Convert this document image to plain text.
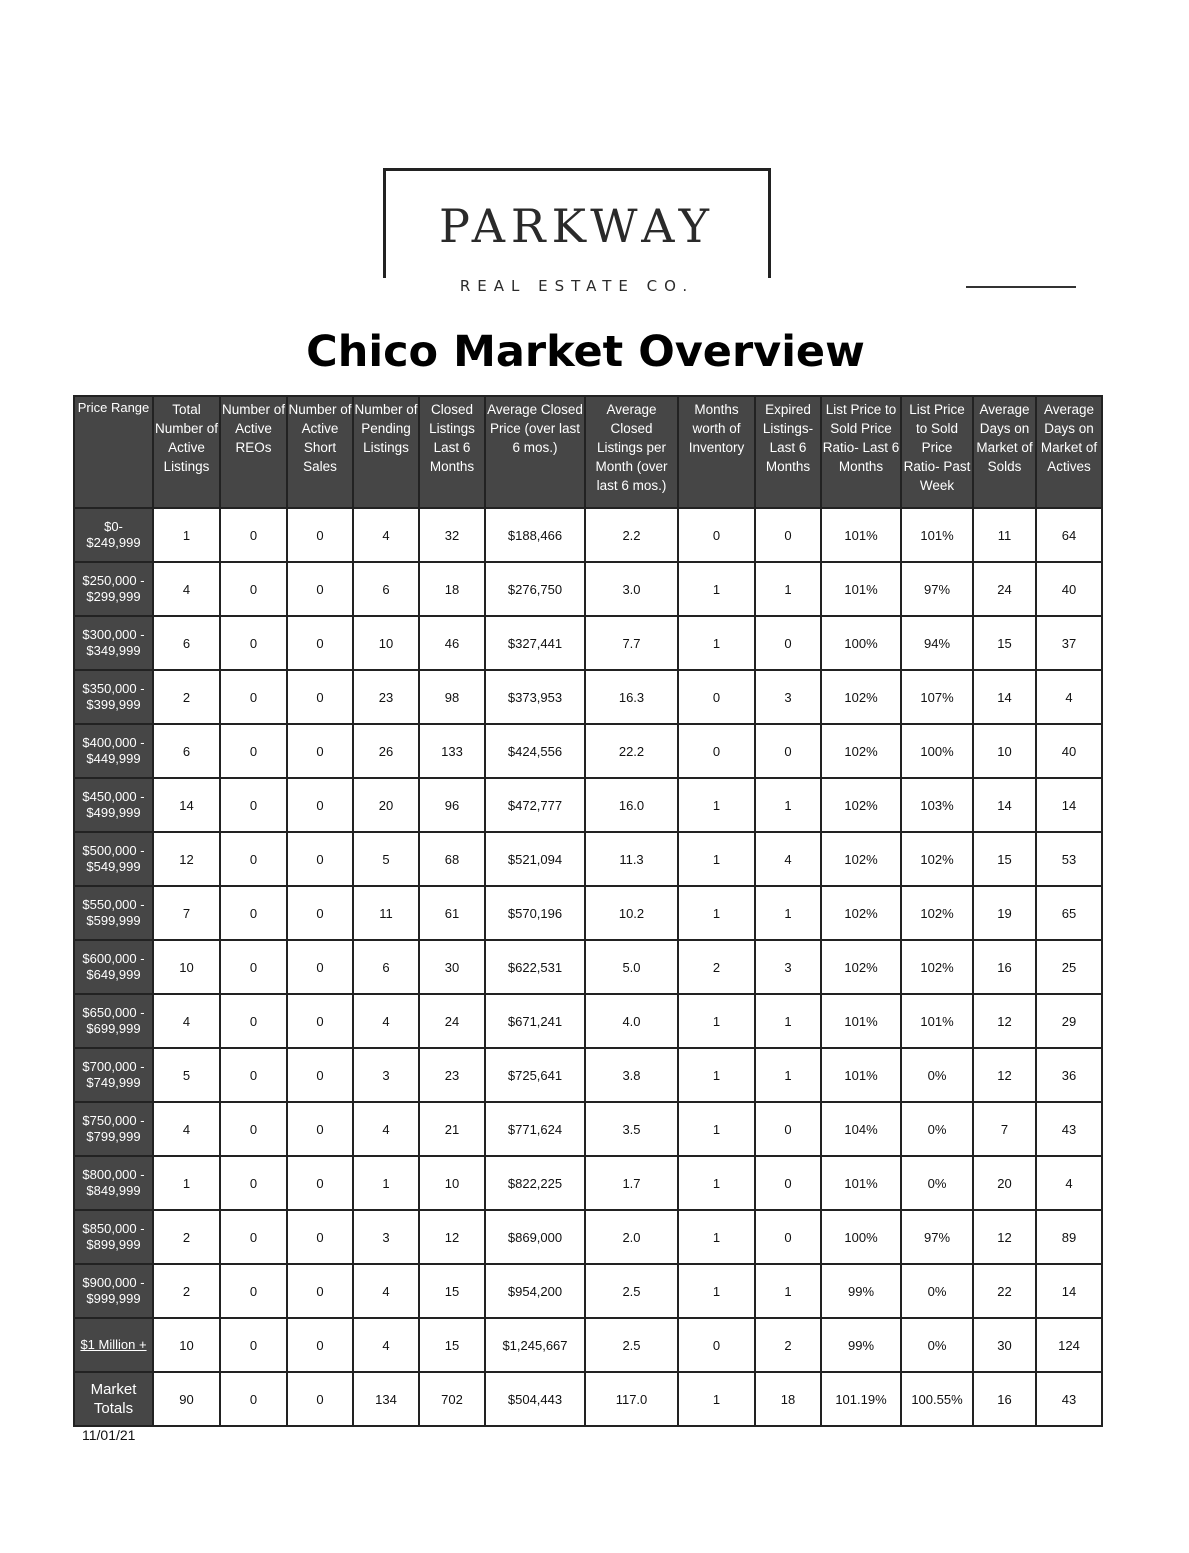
PARKWAY
REAL ESTATE CO.
Chico Market Overview
Price Range	Total Number of Active Listings	Number of Active REOs	Number of Active Short Sales	Number of Pending Listings	Closed Listings Last 6 Months	Average Closed Price (over last 6 mos.)	Average Closed Listings per Month (over last 6 mos.)	Months worth of Inventory	Expired Listings- Last 6 Months	List Price to Sold Price Ratio- Last 6 Months	List Price to Sold Price Ratio- Past Week	Average Days on Market of Solds	Average Days on Market of Actives
$0-
$249,999	1	0	0	4	32	$188,466	2.2	0	0	101%	101%	11	64
$250,000 -
$299,999	4	0	0	6	18	$276,750	3.0	1	1	101%	97%	24	40
$300,000 -
$349,999	6	0	0	10	46	$327,441	7.7	1	0	100%	94%	15	37
$350,000 -
$399,999	2	0	0	23	98	$373,953	16.3	0	3	102%	107%	14	4
$400,000 -
$449,999	6	0	0	26	133	$424,556	22.2	0	0	102%	100%	10	40
$450,000 -
$499,999	14	0	0	20	96	$472,777	16.0	1	1	102%	103%	14	14
$500,000 -
$549,999	12	0	0	5	68	$521,094	11.3	1	4	102%	102%	15	53
$550,000 -
$599,999	7	0	0	11	61	$570,196	10.2	1	1	102%	102%	19	65
$600,000 -
$649,999	10	0	0	6	30	$622,531	5.0	2	3	102%	102%	16	25
$650,000 -
$699,999	4	0	0	4	24	$671,241	4.0	1	1	101%	101%	12	29
$700,000 -
$749,999	5	0	0	3	23	$725,641	3.8	1	1	101%	0%	12	36
$750,000 -
$799,999	4	0	0	4	21	$771,624	3.5	1	0	104%	0%	7	43
$800,000 -
$849,999	1	0	0	1	10	$822,225	1.7	1	0	101%	0%	20	4
$850,000 -
$899,999	2	0	0	3	12	$869,000	2.0	1	0	100%	97%	12	89
$900,000 -
$999,999	2	0	0	4	15	$954,200	2.5	1	1	99%	0%	22	14
$1 Million +	10	0	0	4	15	$1,245,667	2.5	0	2	99%	0%	30	124
Market Totals	90	0	0	134	702	$504,443	117.0	1	18	101.19%	100.55%	16	43
11/01/21
